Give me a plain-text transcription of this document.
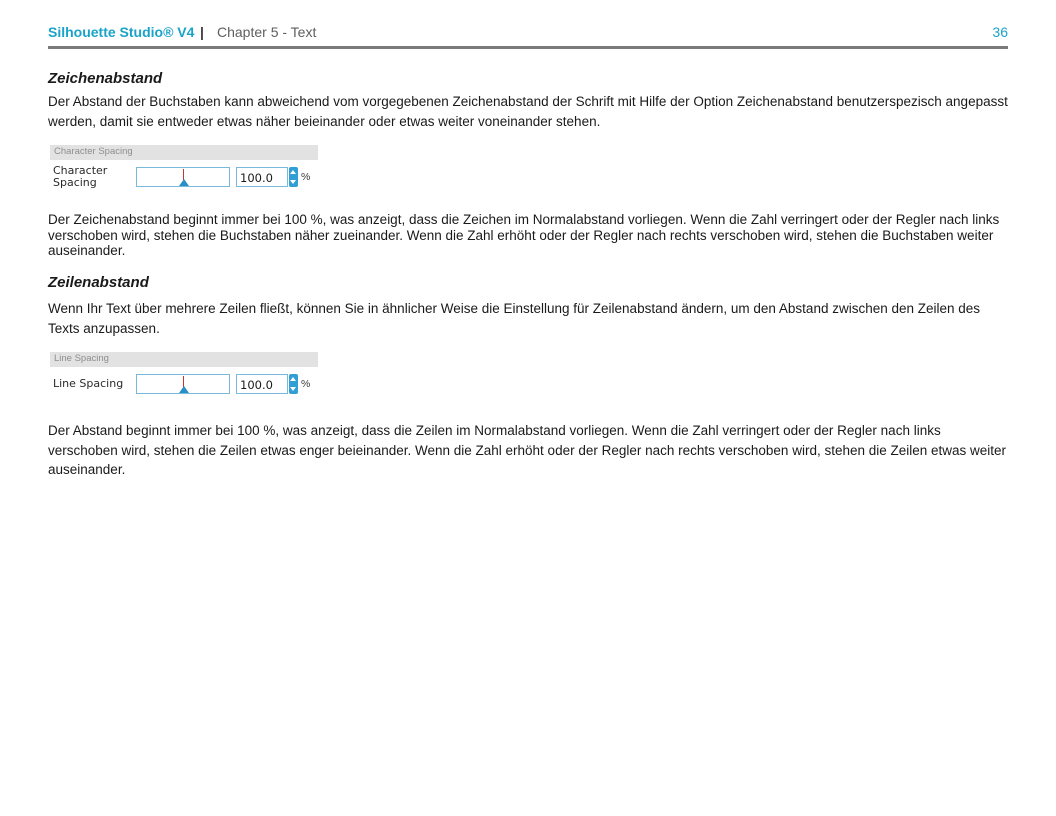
Silhouette Studio® V4 | Chapter 5 - Text	36
Zeichenabstand

Der Abstand der Buchstaben kann abweichend vom vorgegebenen Zeichenabstand der Schrift mit Hilfe der Option Zeichenabstand benutzerspezisch angepasst werden, damit sie entweder etwas näher beieinander oder etwas weiter voneinander stehen.

Character Spacing
Character
Spacing	100.0	%

Der Zeichenabstand beginnt immer bei 100 %, was anzeigt, dass die Zeichen im Normalabstand vorliegen. Wenn die Zahl verringert oder der Regler nach links verschoben wird, stehen die Buchstaben näher zueinander. Wenn die Zahl erhöht oder der Regler nach rechts verschoben wird, stehen die Buchstaben weiter auseinander.

Zeilenabstand

Wenn Ihr Text über mehrere Zeilen fließt, können Sie in ähnlicher Weise die Einstellung für Zeilenabstand ändern, um den Abstand zwischen den Zeilen des Texts anzupassen.

Line Spacing
Line Spacing	100.0	%

Der Abstand beginnt immer bei 100 %, was anzeigt, dass die Zeilen im Normalabstand vorliegen. Wenn die Zahl verringert oder der Regler nach links verschoben wird, stehen die Zeilen etwas enger beieinander. Wenn die Zahl erhöht oder der Regler nach rechts verschoben wird, stehen die Zeilen etwas weiter auseinander.
